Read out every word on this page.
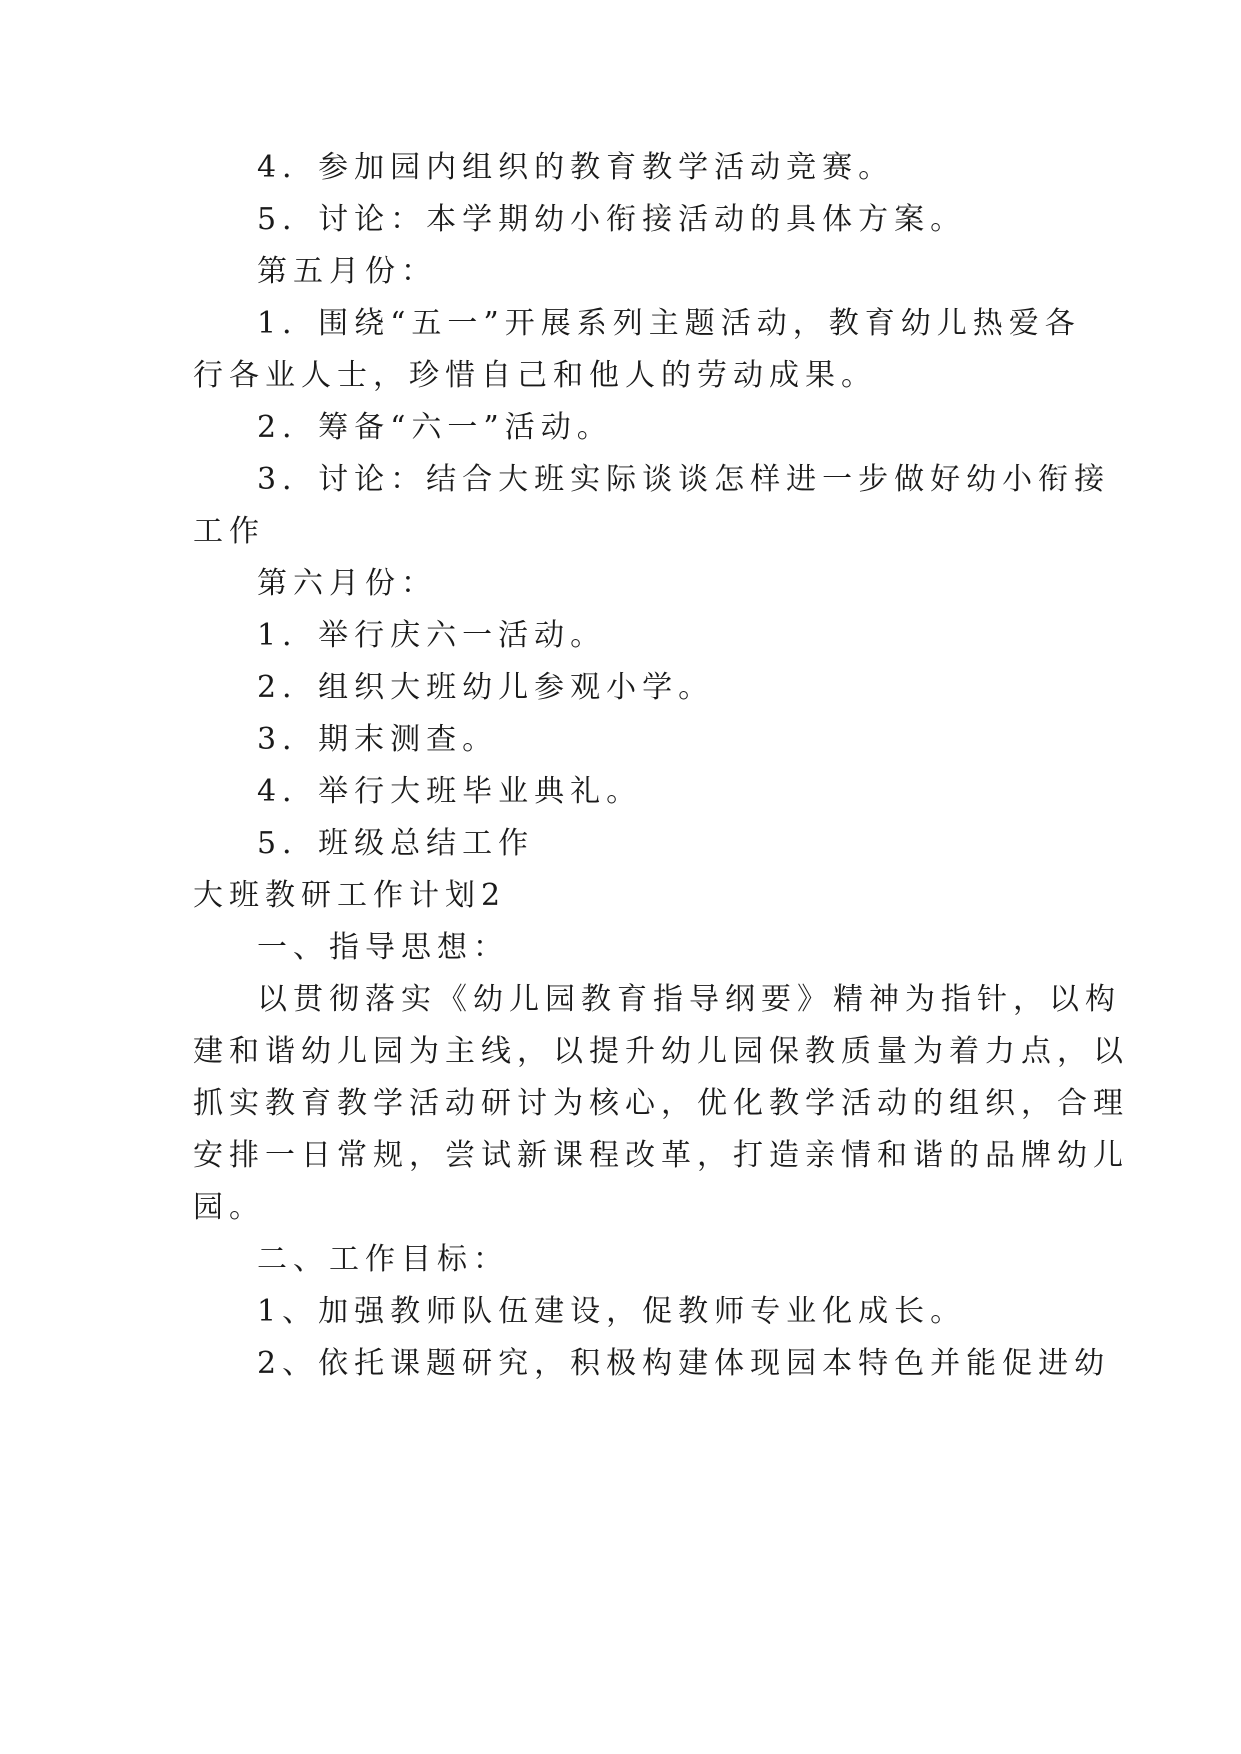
4．参加园内组织的教育教学活动竞赛。
5．讨论：本学期幼小衔接活动的具体方案。
第五月份：
1．围绕“五一”开展系列主题活动，教育幼儿热爱各
行各业人士，珍惜自己和他人的劳动成果。
2．筹备“六一”活动。
3．讨论：结合大班实际谈谈怎样进一步做好幼小衔接
工作
第六月份：
1．举行庆六一活动。
2．组织大班幼儿参观小学。
3．期末测查。
4．举行大班毕业典礼。
5．班级总结工作
大班教研工作计划2
一、指导思想：
以贯彻落实《幼儿园教育指导纲要》精神为指针，以构
建和谐幼儿园为主线，以提升幼儿园保教质量为着力点，以
抓实教育教学活动研讨为核心，优化教学活动的组织，合理
安排一日常规，尝试新课程改革，打造亲情和谐的品牌幼儿
园。
二、工作目标：
1、加强教师队伍建设，促教师专业化成长。
2、依托课题研究，积极构建体现园本特色并能促进幼
